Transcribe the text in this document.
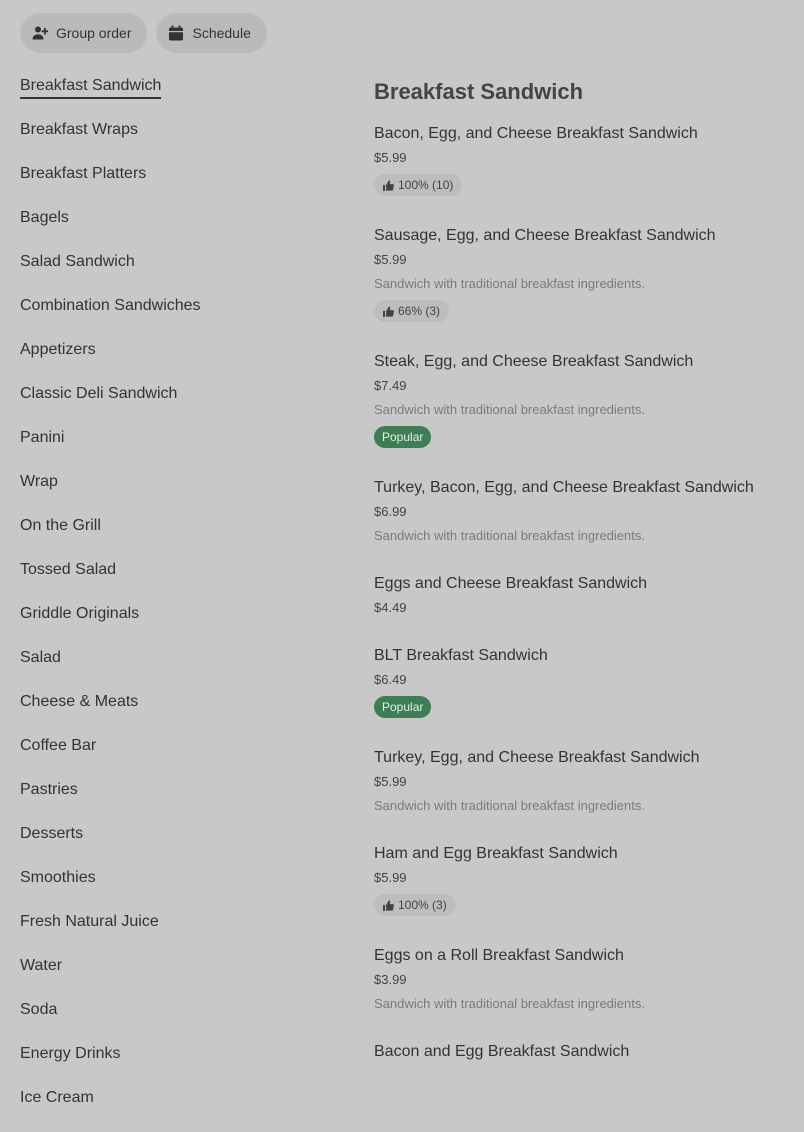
Group order	Schedule
Breakfast Sandwich
Breakfast Wraps
Breakfast Platters
Bagels
Salad Sandwich
Combination Sandwiches
Appetizers
Classic Deli Sandwich
Panini
Wrap
On the Grill
Tossed Salad
Griddle Originals
Salad
Cheese & Meats
Coffee Bar
Pastries
Desserts
Smoothies
Fresh Natural Juice
Water
Soda
Energy Drinks
Ice Cream
Breakfast Sandwich
Bacon, Egg, and Cheese Breakfast Sandwich
$5.99
100% (10)
Sausage, Egg, and Cheese Breakfast Sandwich
$5.99
Sandwich with traditional breakfast ingredients.
66% (3)
Steak, Egg, and Cheese Breakfast Sandwich
$7.49
Sandwich with traditional breakfast ingredients.
Popular
Turkey, Bacon, Egg, and Cheese Breakfast Sandwich
$6.99
Sandwich with traditional breakfast ingredients.
Eggs and Cheese Breakfast Sandwich
$4.49
BLT Breakfast Sandwich
$6.49
Popular
Turkey, Egg, and Cheese Breakfast Sandwich
$5.99
Sandwich with traditional breakfast ingredients.
Ham and Egg Breakfast Sandwich
$5.99
100% (3)
Eggs on a Roll Breakfast Sandwich
$3.99
Sandwich with traditional breakfast ingredients.
Bacon and Egg Breakfast Sandwich
